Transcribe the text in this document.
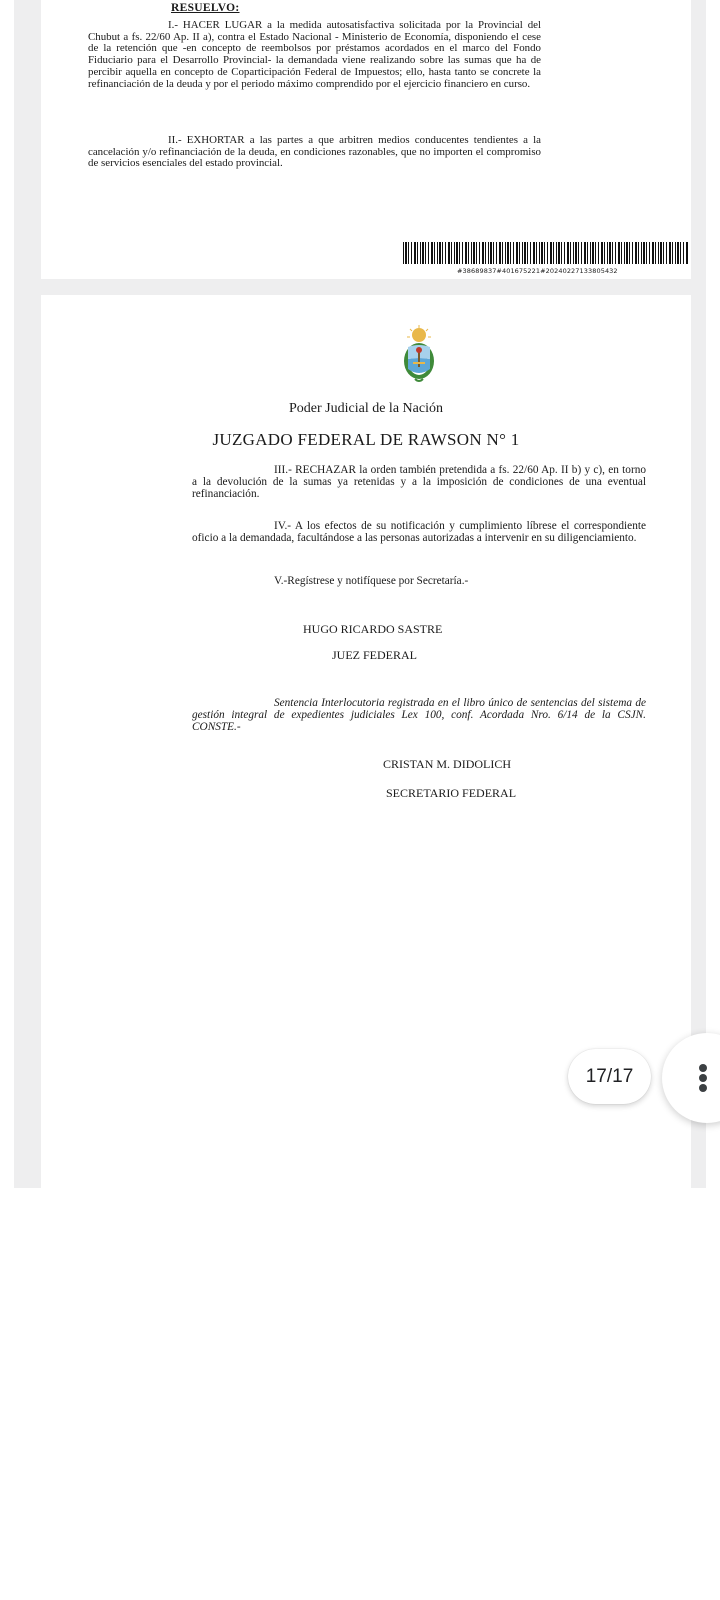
RESUELVO:

I.- HACER LUGAR a la medida autosatisfactiva solicitada por la Provincial del Chubut a fs. 22/60 Ap. II a), contra el Estado Nacional - Ministerio de Economía, disponiendo el cese de la retención que -en concepto de reembolsos por préstamos acordados en el marco del Fondo Fiduciario para el Desarrollo Provincial- la demandada viene realizando sobre las sumas que ha de percibir aquella en concepto de Coparticipación Federal de Impuestos; ello, hasta tanto se concrete la refinanciación de la deuda y por el periodo máximo comprendido por el ejercicio financiero en curso.

II.- EXHORTAR a las partes a que arbitren medios conducentes tendientes a la cancelación y/o refinanciación de la deuda, en condiciones razonables, que no importen el compromiso de servicios esenciales del estado provincial.

#38689837#401675221#20240227133805432

Poder Judicial de la Nación

JUZGADO FEDERAL DE RAWSON N° 1

III.- RECHAZAR la orden también pretendida a fs. 22/60 Ap. II b) y c), en torno a la devolución de la sumas ya retenidas y a la imposición de condiciones de una eventual refinanciación.

IV.- A los efectos de su notificación y cumplimiento líbrese el correspondiente oficio a la demandada, facultándose a las personas autorizadas a intervenir en su diligenciamiento.

V.-Regístrese y notifíquese por Secretaría.-

HUGO RICARDO SASTRE

JUEZ FEDERAL

Sentencia Interlocutoria registrada en el libro único de sentencias del sistema de gestión integral de expedientes judiciales Lex 100, conf. Acordada Nro. 6/14 de la CSJN. CONSTE.-

CRISTAN M. DIDOLICH

SECRETARIO FEDERAL

17/17
